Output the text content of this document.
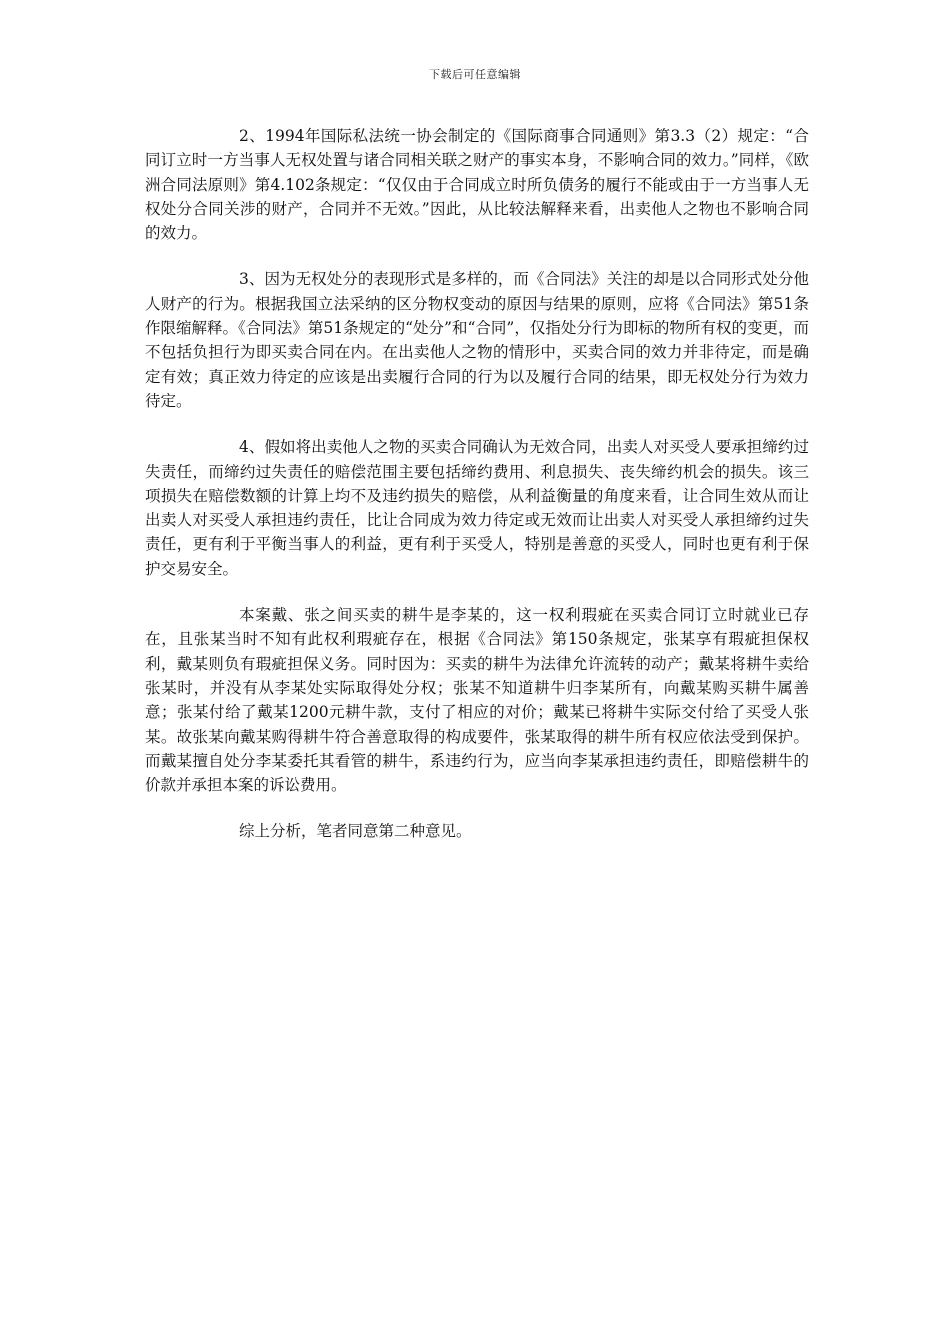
下载后可任意编辑

2、1994年国际私法统一协会制定的《国际商事合同通则》第3.3（2）规定：“合同订立时一方当事人无权处置与诸合同相关联之财产的事实本身，不影响合同的效力。”同样，《欧洲合同法原则》第4.102条规定：“仅仅由于合同成立时所负债务的履行不能或由于一方当事人无权处分合同关涉的财产，合同并不无效。”因此，从比较法解释来看，出卖他人之物也不影响合同的效力。

3、因为无权处分的表现形式是多样的，而《合同法》关注的却是以合同形式处分他人财产的行为。根据我国立法采纳的区分物权变动的原因与结果的原则，应将《合同法》第51条作限缩解释。《合同法》第51条规定的“处分”和“合同”，仅指处分行为即标的物所有权的变更，而不包括负担行为即买卖合同在内。在出卖他人之物的情形中，买卖合同的效力并非待定，而是确定有效；真正效力待定的应该是出卖履行合同的行为以及履行合同的结果，即无权处分行为效力待定。

4、假如将出卖他人之物的买卖合同确认为无效合同，出卖人对买受人要承担缔约过失责任，而缔约过失责任的赔偿范围主要包括缔约费用、利息损失、丧失缔约机会的损失。该三项损失在赔偿数额的计算上均不及违约损失的赔偿，从利益衡量的角度来看，让合同生效从而让出卖人对买受人承担违约责任，比让合同成为效力待定或无效而让出卖人对买受人承担缔约过失责任，更有利于平衡当事人的利益，更有利于买受人，特别是善意的买受人，同时也更有利于保护交易安全。

本案戴、张之间买卖的耕牛是李某的，这一权利瑕疵在买卖合同订立时就业已存在，且张某当时不知有此权利瑕疵存在，根据《合同法》第150条规定，张某享有瑕疵担保权利，戴某则负有瑕疵担保义务。同时因为：买卖的耕牛为法律允许流转的动产；戴某将耕牛卖给张某时，并没有从李某处实际取得处分权；张某不知道耕牛归李某所有，向戴某购买耕牛属善意；张某付给了戴某1200元耕牛款，支付了相应的对价；戴某已将耕牛实际交付给了买受人张某。故张某向戴某购得耕牛符合善意取得的构成要件，张某取得的耕牛所有权应依法受到保护。而戴某擅自处分李某委托其看管的耕牛，系违约行为，应当向李某承担违约责任，即赔偿耕牛的价款并承担本案的诉讼费用。

综上分析，笔者同意第二种意见。
